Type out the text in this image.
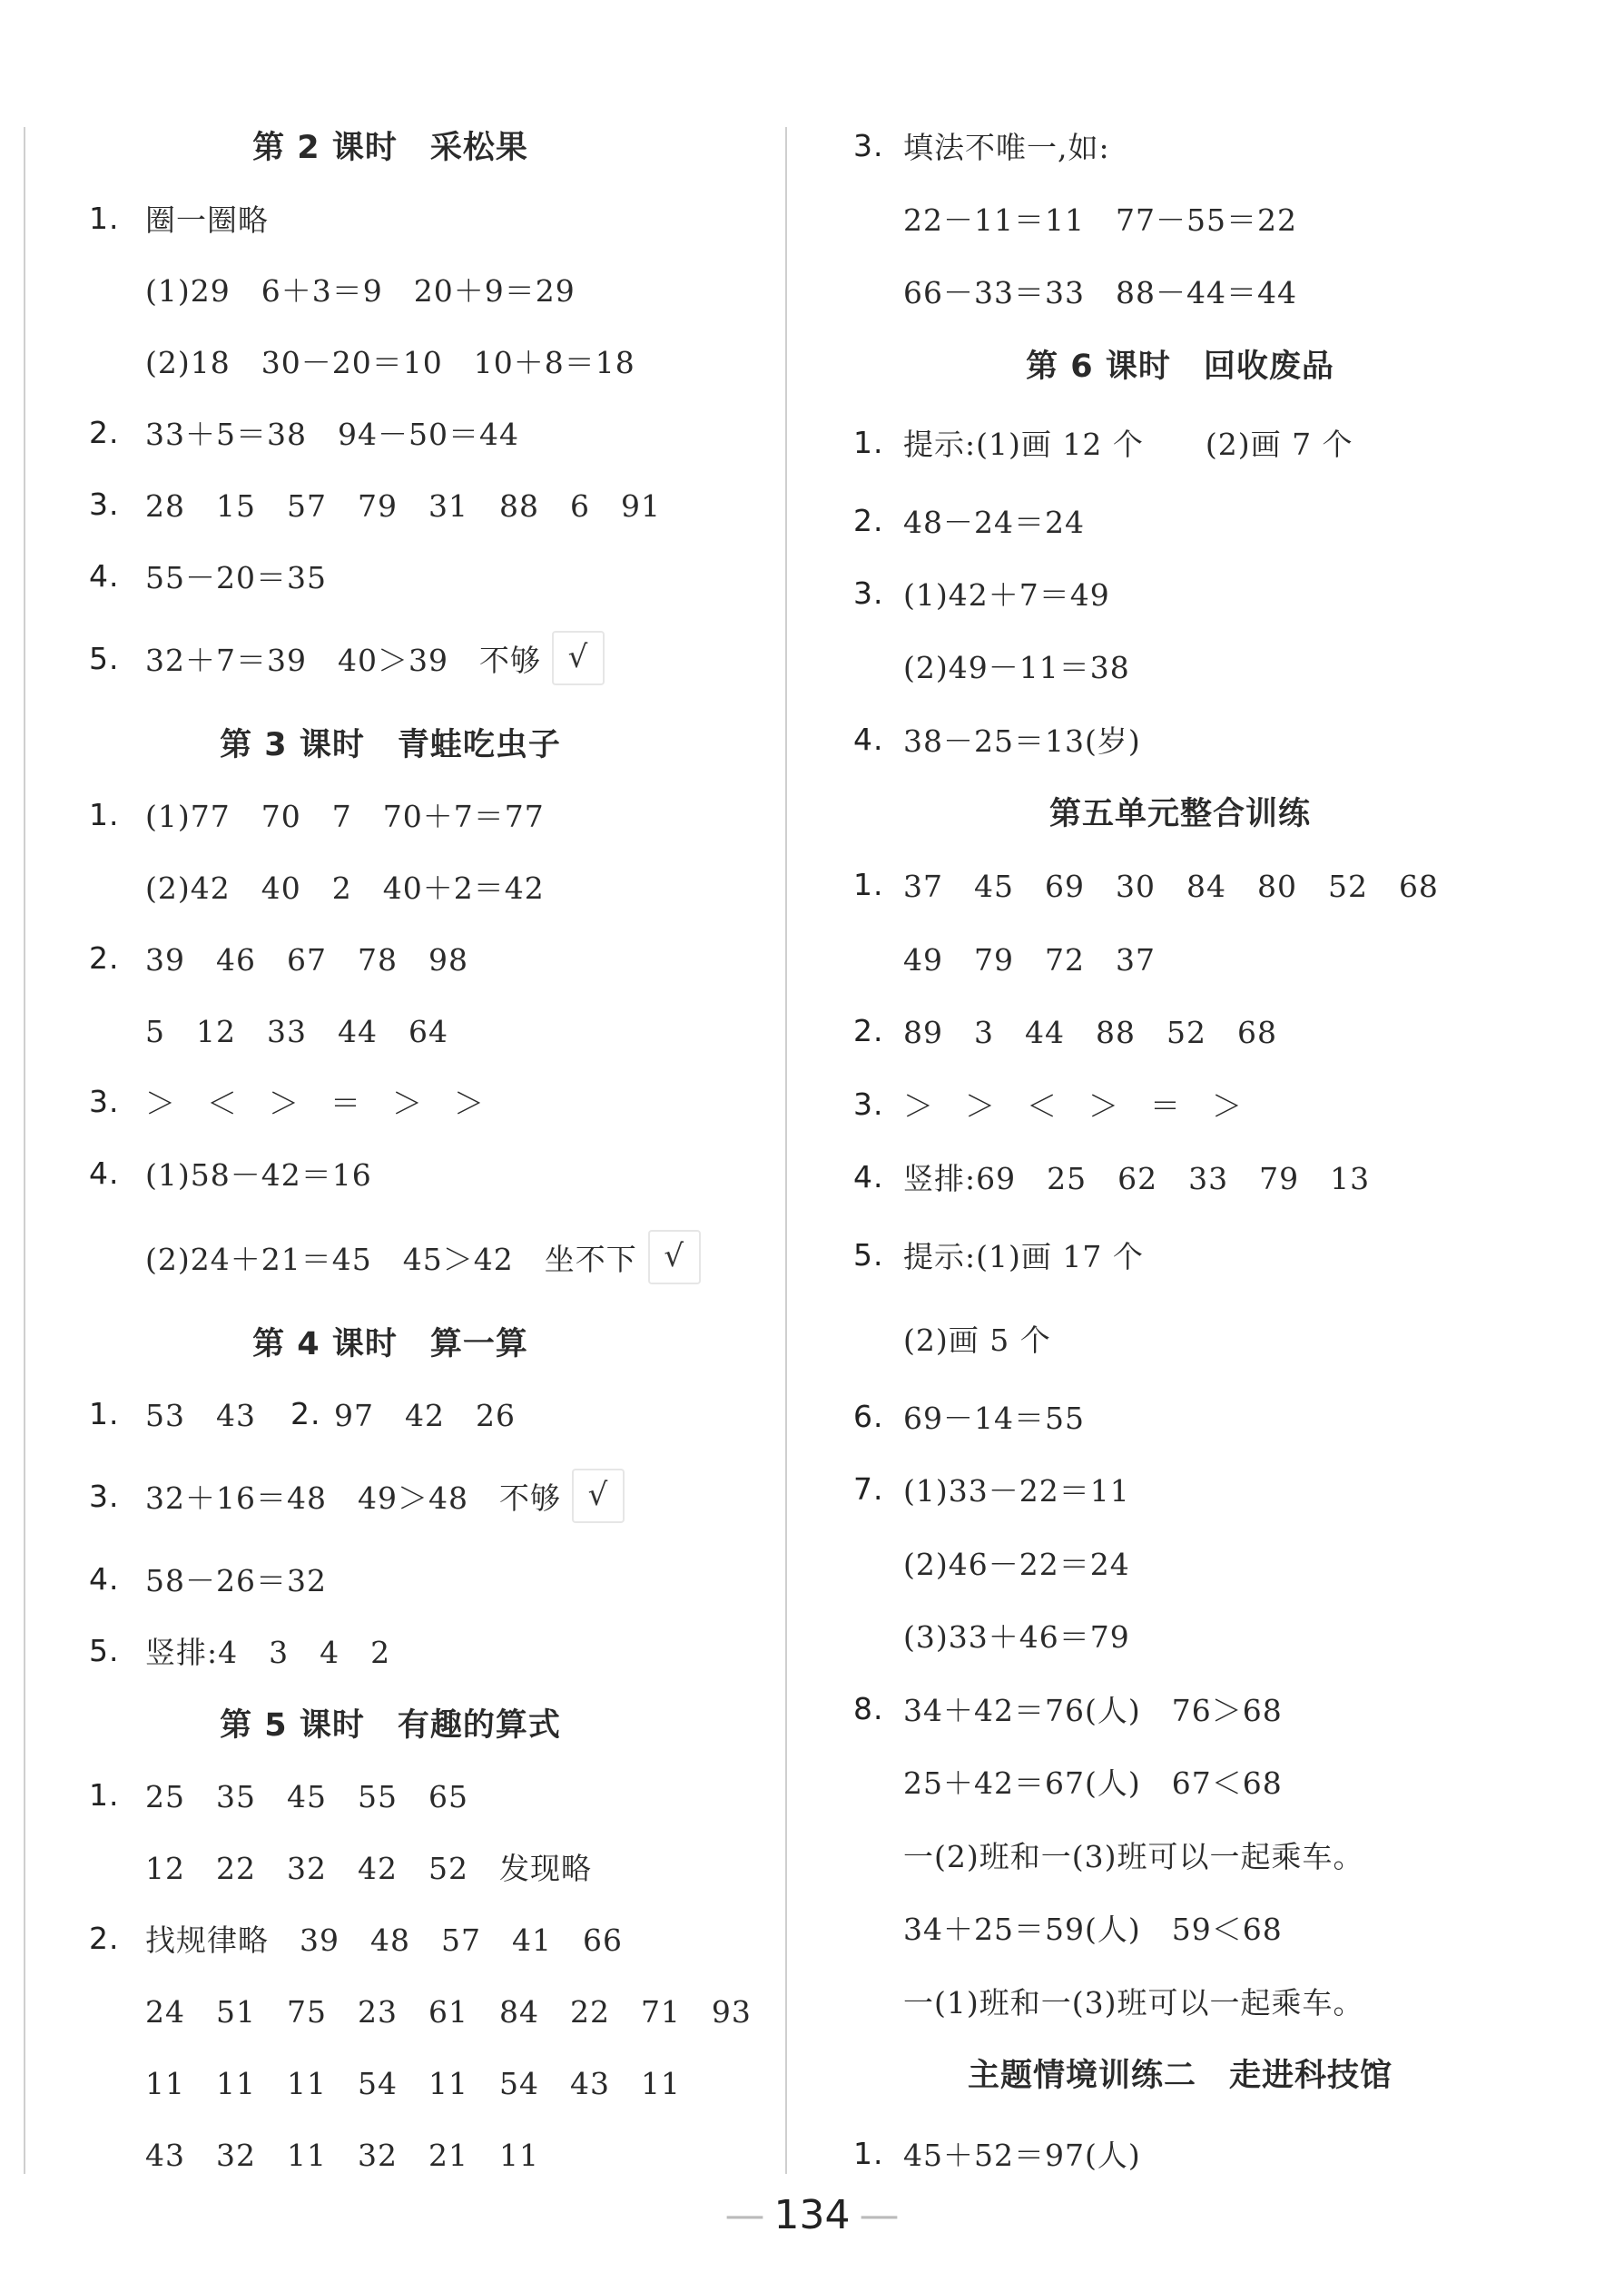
第 2 课时　采松果
1. 圈一圈略
(1)29　6＋3＝9　20＋9＝29
(2)18　30－20＝10　10＋8＝18
2. 33＋5＝38　94－50＝44
3. 28　15　57　79　31　88　6　91
4. 55－20＝35
5. 32＋7＝39　40＞39　不够 √
第 3 课时　青蛙吃虫子
1. (1)77　70　7　70＋7＝77
(2)42　40　2　40＋2＝42
2. 39　46　67　78　98
5　12　33　44　64
3. ＞　＜　＞　＝　＞　＞
4. (1)58－42＝16
(2)24＋21＝45　45＞42　坐不下 √
第 4 课时　算一算
1. 53　43 2. 97　42　26
3. 32＋16＝48　49＞48　不够 √
4. 58－26＝32
5. 竖排:4　3　4　2
第 5 课时　有趣的算式
1. 25　35　45　55　65
12　22　32　42　52　发现略
2. 找规律略　39　48　57　41　66
24　51　75　23　61　84　22　71　93
11　11　11　54　11　54　43　11
43　32　11　32　21　11
3. 填法不唯一,如:
22－11＝11　77－55＝22
66－33＝33　88－44＝44
第 6 课时　回收废品
1. 提示:(1)画 12 个　　(2)画 7 个
2. 48－24＝24
3. (1)42＋7＝49
(2)49－11＝38
4. 38－25＝13(岁)
第五单元整合训练
1. 37　45　69　30　84　80　52　68
49　79　72　37
2. 89　3　44　88　52　68
3. ＞　＞　＜　＞　＝　＞
4. 竖排:69　25　62　33　79　13
5. 提示:(1)画 17 个
(2)画 5 个
6. 69－14＝55
7. (1)33－22＝11
(2)46－22＝24
(3)33＋46＝79
8. 34＋42＝76(人)　76＞68
25＋42＝67(人)　67＜68
一(2)班和一(3)班可以一起乘车。
34＋25＝59(人)　59＜68
一(1)班和一(3)班可以一起乘车。
主题情境训练二　走进科技馆
1. 45＋52＝97(人)
— 134 —
